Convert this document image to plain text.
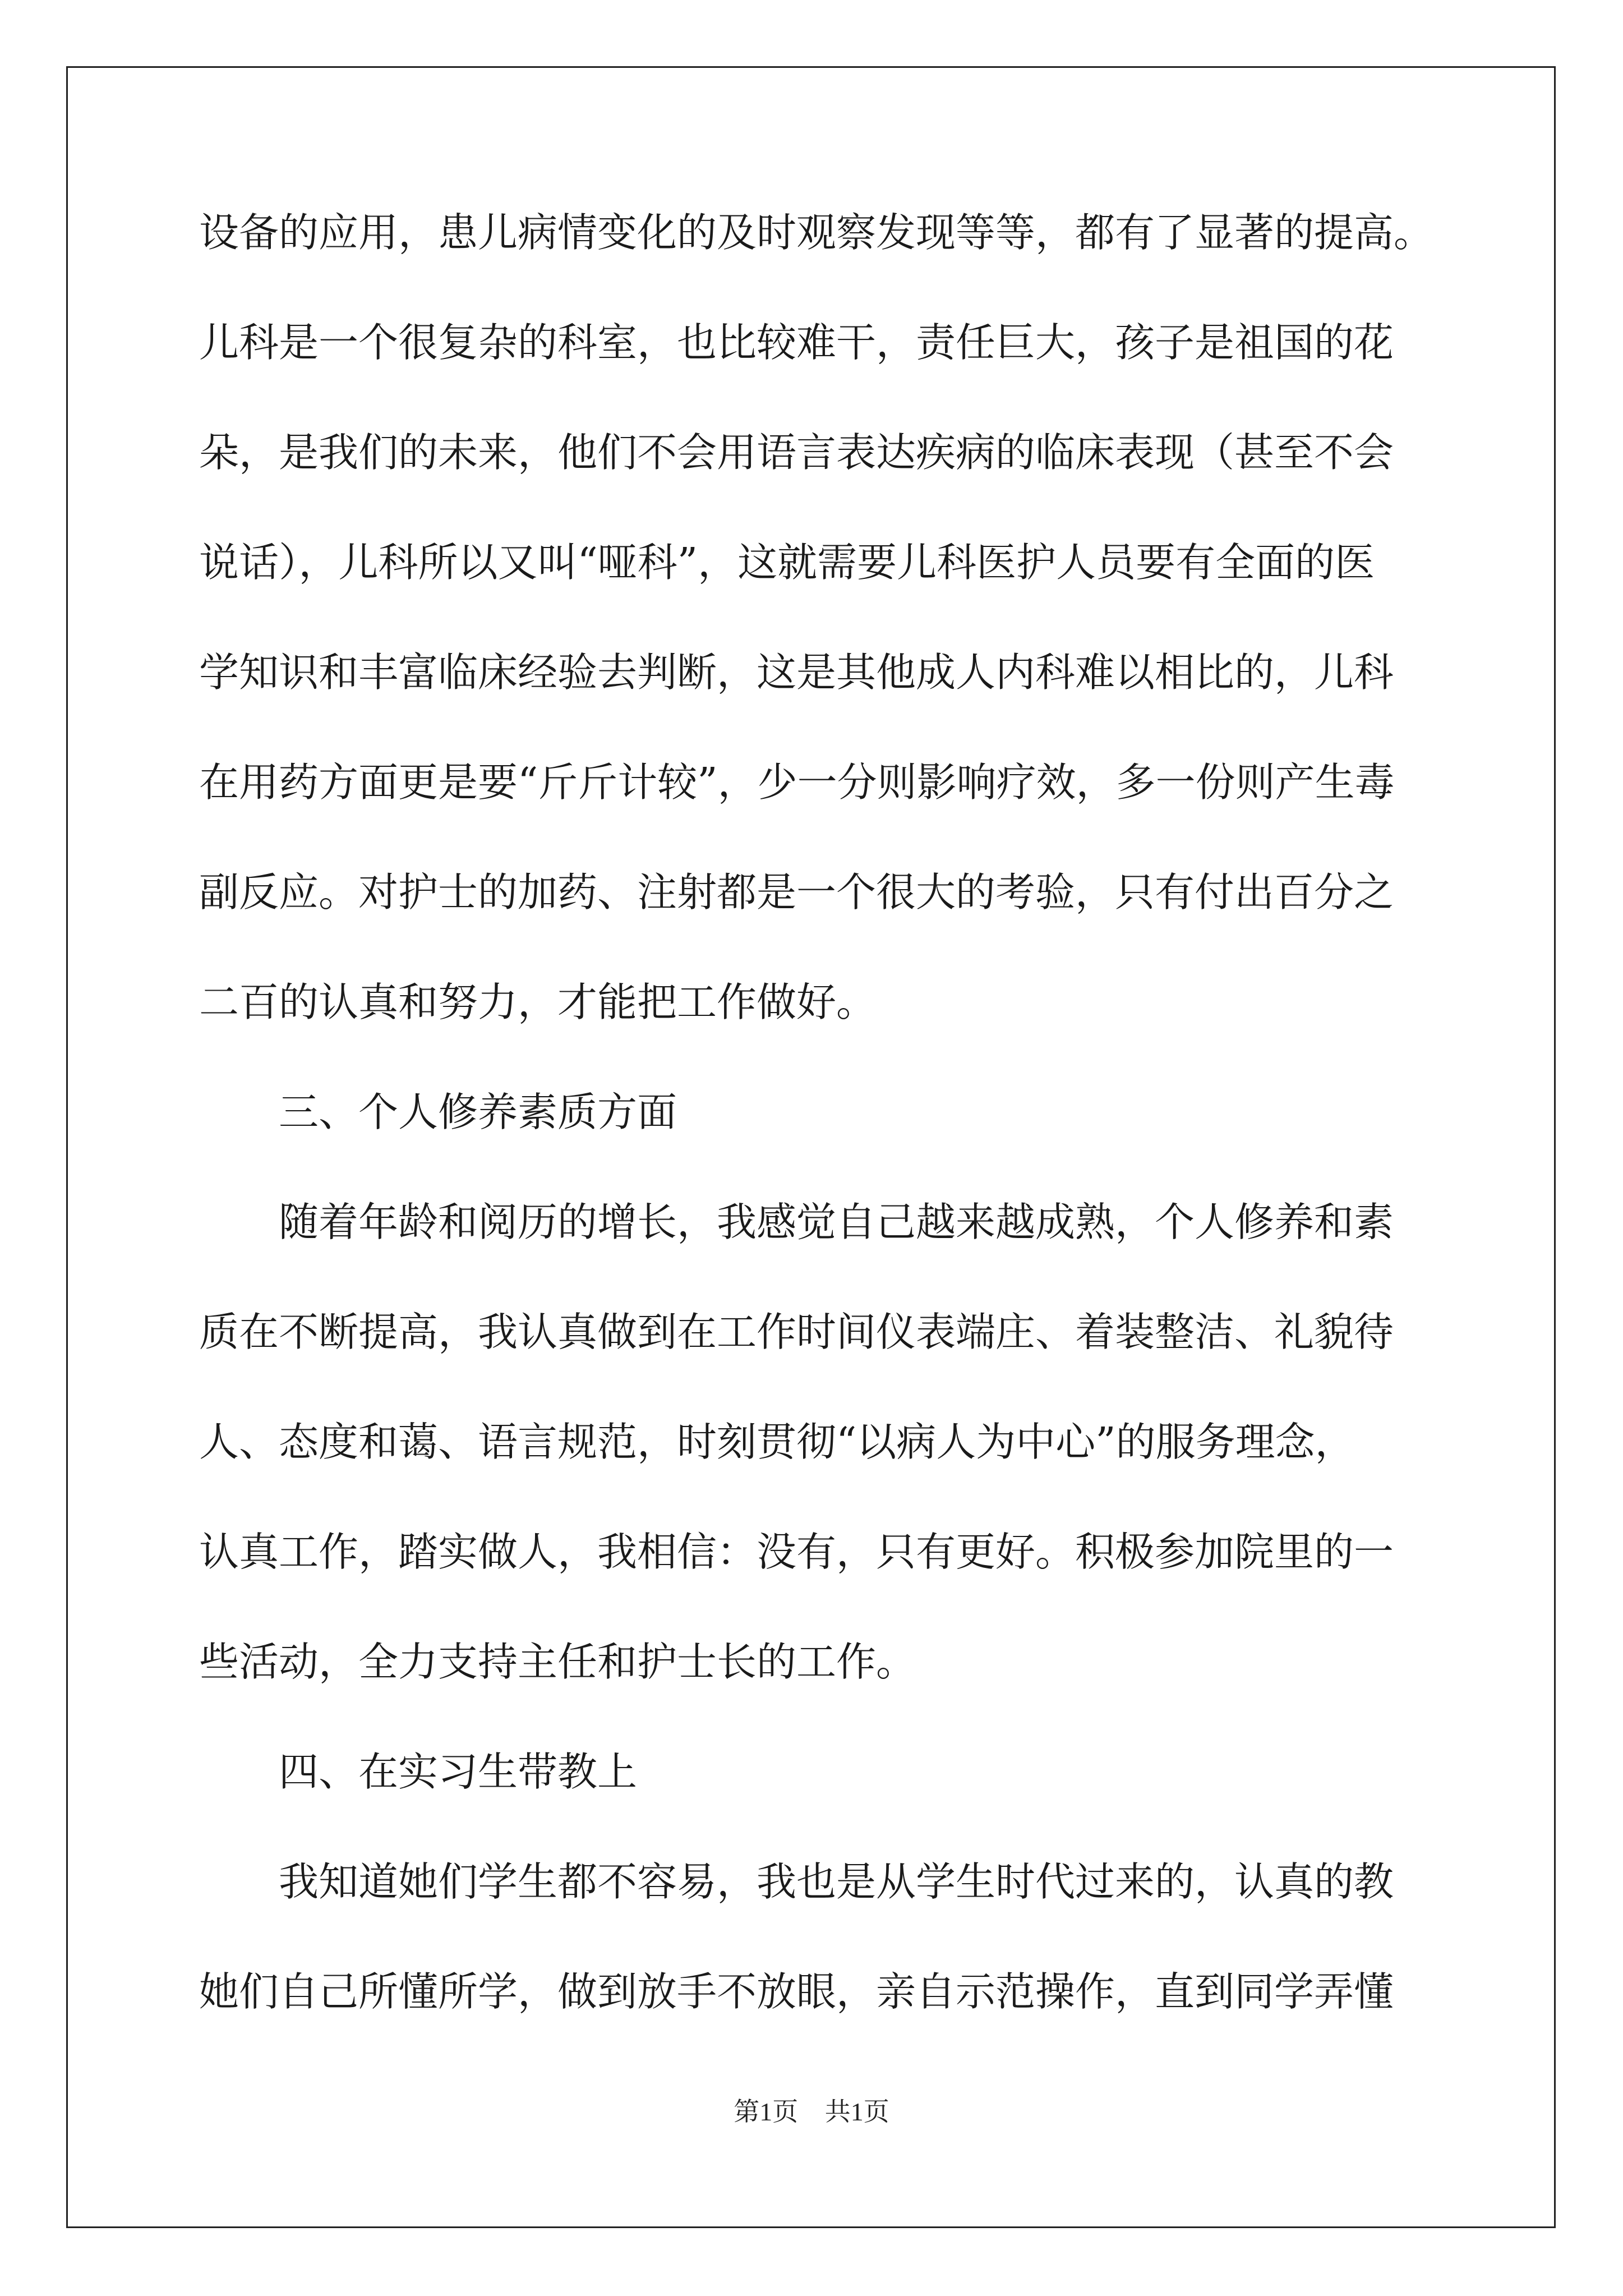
设备的应用，患儿病情变化的及时观察发现等等，都有了显著的提高。
儿科是一个很复杂的科室，也比较难干，责任巨大，孩子是祖国的花
朵，是我们的未来，他们不会用语言表达疾病的临床表现（甚至不会
说话），儿科所以又叫“哑科”，这就需要儿科医护人员要有全面的医
学知识和丰富临床经验去判断，这是其他成人内科难以相比的，儿科
在用药方面更是要“斤斤计较”，少一分则影响疗效，多一份则产生毒
副反应。对护士的加药、注射都是一个很大的考验，只有付出百分之
二百的认真和努力，才能把工作做好。
　　三、个人修养素质方面
　　随着年龄和阅历的增长，我感觉自己越来越成熟，个人修养和素
质在不断提高，我认真做到在工作时间仪表端庄、着装整洁、礼貌待
人、态度和蔼、语言规范，时刻贯彻“以病人为中心”的服务理念，
认真工作，踏实做人，我相信：没有，只有更好。积极参加院里的一
些活动，全力支持主任和护士长的工作。
　　四、在实习生带教上
　　我知道她们学生都不容易，我也是从学生时代过来的，认真的教
她们自己所懂所学，做到放手不放眼，亲自示范操作，直到同学弄懂
第1页 共1页
